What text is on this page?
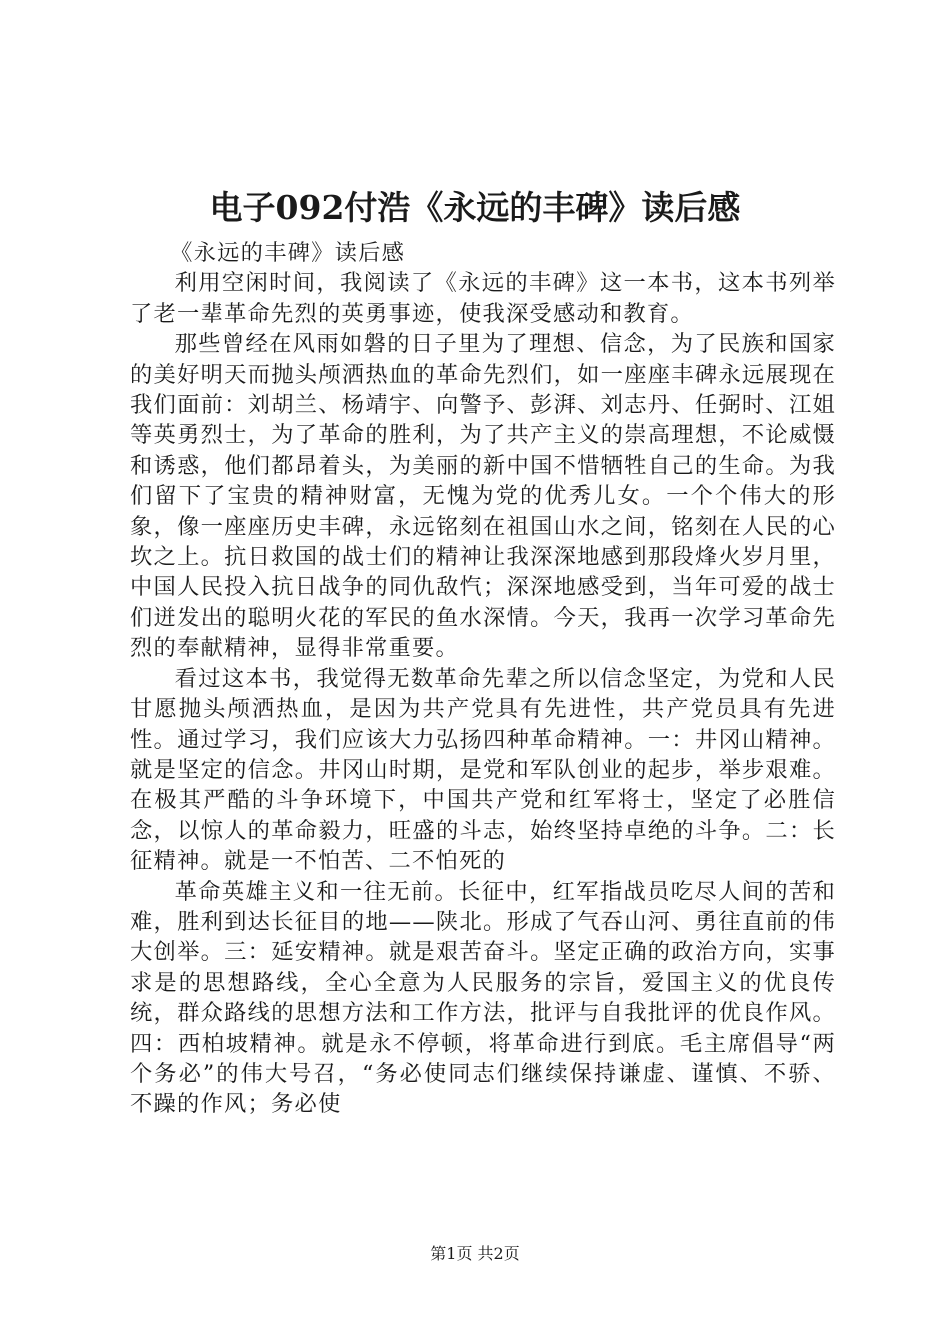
电子092付浩《永远的丰碑》读后感

《永远的丰碑》读后感

利用空闲时间，我阅读了《永远的丰碑》这一本书，这本书列举了老一辈革命先烈的英勇事迹，使我深受感动和教育。

那些曾经在风雨如磐的日子里为了理想、信念，为了民族和国家的美好明天而抛头颅洒热血的革命先烈们，如一座座丰碑永远展现在我们面前：刘胡兰、杨靖宇、向警予、彭湃、刘志丹、任弼时、江姐等英勇烈士，为了革命的胜利，为了共产主义的崇高理想，不论威慑和诱惑，他们都昂着头，为美丽的新中国不惜牺牲自己的生命。为我们留下了宝贵的精神财富，无愧为党的优秀儿女。一个个伟大的形象，像一座座历史丰碑，永远铭刻在祖国山水之间，铭刻在人民的心坎之上。抗日救国的战士们的精神让我深深地感到那段烽火岁月里，中国人民投入抗日战争的同仇敌忾；深深地感受到，当年可爱的战士们迸发出的聪明火花的军民的鱼水深情。今天，我再一次学习革命先烈的奉献精神，显得非常重要。

看过这本书，我觉得无数革命先辈之所以信念坚定，为党和人民甘愿抛头颅洒热血，是因为共产党具有先进性，共产党员具有先进性。通过学习，我们应该大力弘扬四种革命精神。一：井冈山精神。就是坚定的信念。井冈山时期，是党和军队创业的起步，举步艰难。在极其严酷的斗争环境下，中国共产党和红军将士，坚定了必胜信念，以惊人的革命毅力，旺盛的斗志，始终坚持卓绝的斗争。二：长征精神。就是一不怕苦、二不怕死的

革命英雄主义和一往无前。长征中，红军指战员吃尽人间的苦和难，胜利到达长征目的地——陕北。形成了气吞山河、勇往直前的伟大创举。三：延安精神。就是艰苦奋斗。坚定正确的政治方向，实事求是的思想路线，全心全意为人民服务的宗旨，爱国主义的优良传统，群众路线的思想方法和工作方法，批评与自我批评的优良作风。四：西柏坡精神。就是永不停顿，将革命进行到底。毛主席倡导“两个务必”的伟大号召，“务必使同志们继续保持谦虚、谨慎、不骄、不躁的作风；务必使

第1页 共2页
